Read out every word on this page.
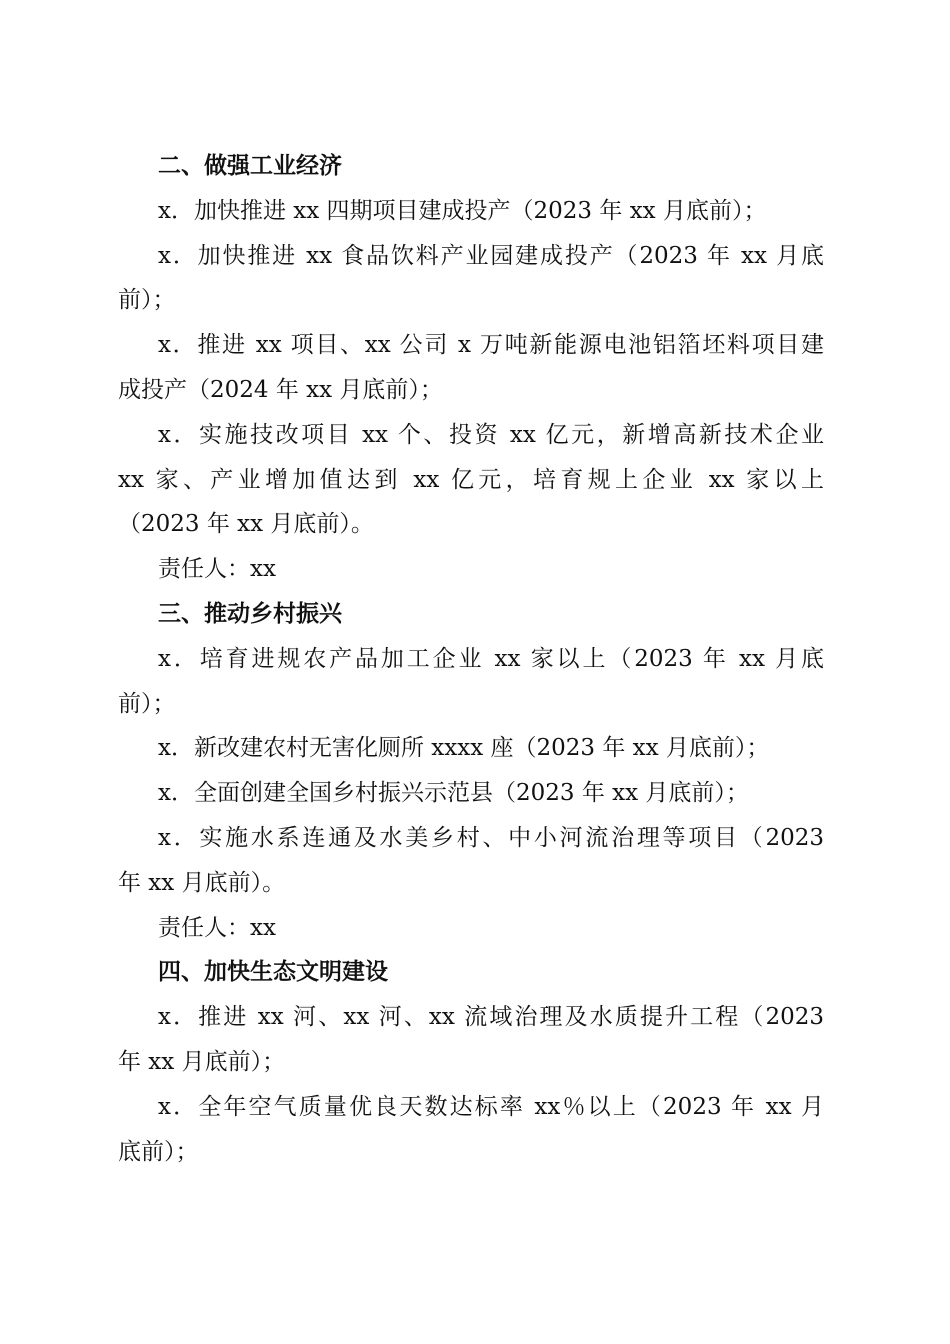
二、做强工业经济
x．加快推进 xx 四期项目建成投产（2023 年 xx 月底前）；
x．加快推进 xx 食品饮料产业园建成投产（2023 年 xx 月底
前）；
x．推进 xx 项目、xx 公司 x 万吨新能源电池铝箔坯料项目建
成投产（2024 年 xx 月底前）；
x．实施技改项目 xx 个、投资 xx 亿元，新增高新技术企业
xx 家、产业增加值达到 xx 亿元，培育规上企业 xx 家以上
（2023 年 xx 月底前）。
责任人：xx
三、推动乡村振兴
x．培育进规农产品加工企业 xx 家以上（2023 年 xx 月底
前）；
x．新改建农村无害化厕所 xxxx 座（2023 年 xx 月底前）；
x．全面创建全国乡村振兴示范县（2023 年 xx 月底前）；
x．实施水系连通及水美乡村、中小河流治理等项目（2023
年 xx 月底前）。
责任人：xx
四、加快生态文明建设
x．推进 xx 河、xx 河、xx 流域治理及水质提升工程（2023
年 xx 月底前）；
x．全年空气质量优良天数达标率 xx％以上（2023 年 xx 月
底前）；
